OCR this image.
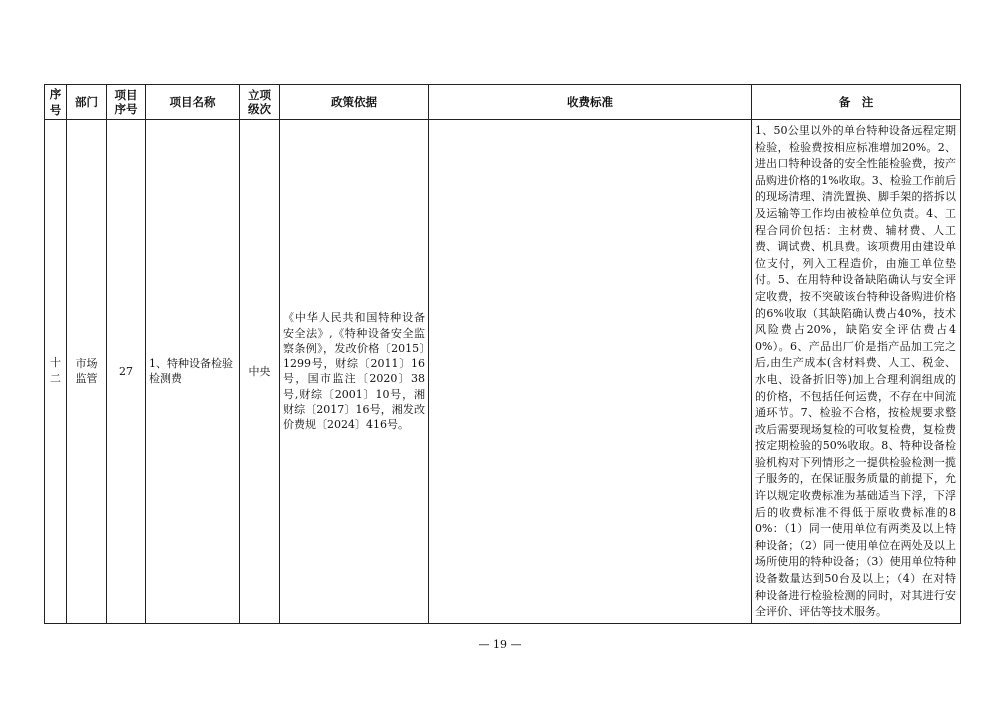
序号	部门	项目序号	项目名称	立项级次	政策依据	收费标准	备　注
十二	市场监管	27	1、特种设备检验检测费	中央	《中华人民共和国特种设备安全法》,《特种设备安全监察条例》，发改价格〔2015〕1299号，财综〔2011〕16号，国市监注〔2020〕38号,财综〔2001〕10号，湘财综〔2017〕16号，湘发改价费规〔2024〕416号。		1、50公里以外的单台特种设备远程定期检验，检验费按相应标准增加20%。2、进出口特种设备的安全性能检验费，按产品购进价格的1%收取。3、检验工作前后的现场清理、清洗置换、脚手架的搭拆以及运输等工作均由被检单位负责。4、工程合同价包括：主材费、辅材费、人工费、调试费、机具费。该项费用由建设单位支付，列入工程造价，由施工单位垫付。5、在用特种设备缺陷确认与安全评定收费，按不突破该台特种设备购进价格的6%收取（其缺陷确认费占40%，技术风险费占20%，缺陷安全评估费占40%）。6、产品出厂价是指产品加工完之后,由生产成本(含材料费、人工、税金、水电、设备折旧等)加上合理利润组成的的价格，不包括任何运费，不存在中间流通环节。7、检验不合格，按检规要求整改后需要现场复检的可收复检费，复检费按定期检验的50%收取。8、特种设备检验机构对下列情形之一提供检验检测一揽子服务的，在保证服务质量的前提下，允许以规定收费标准为基础适当下浮，下浮后的收费标准不得低于原收费标准的80%：（1）同一使用单位有两类及以上特种设备；（2）同一使用单位在两处及以上场所使用的特种设备；（3）使用单位特种设备数量达到50台及以上；（4）在对特种设备进行检验检测的同时，对其进行安全评价、评估等技术服务。
— 19 —
